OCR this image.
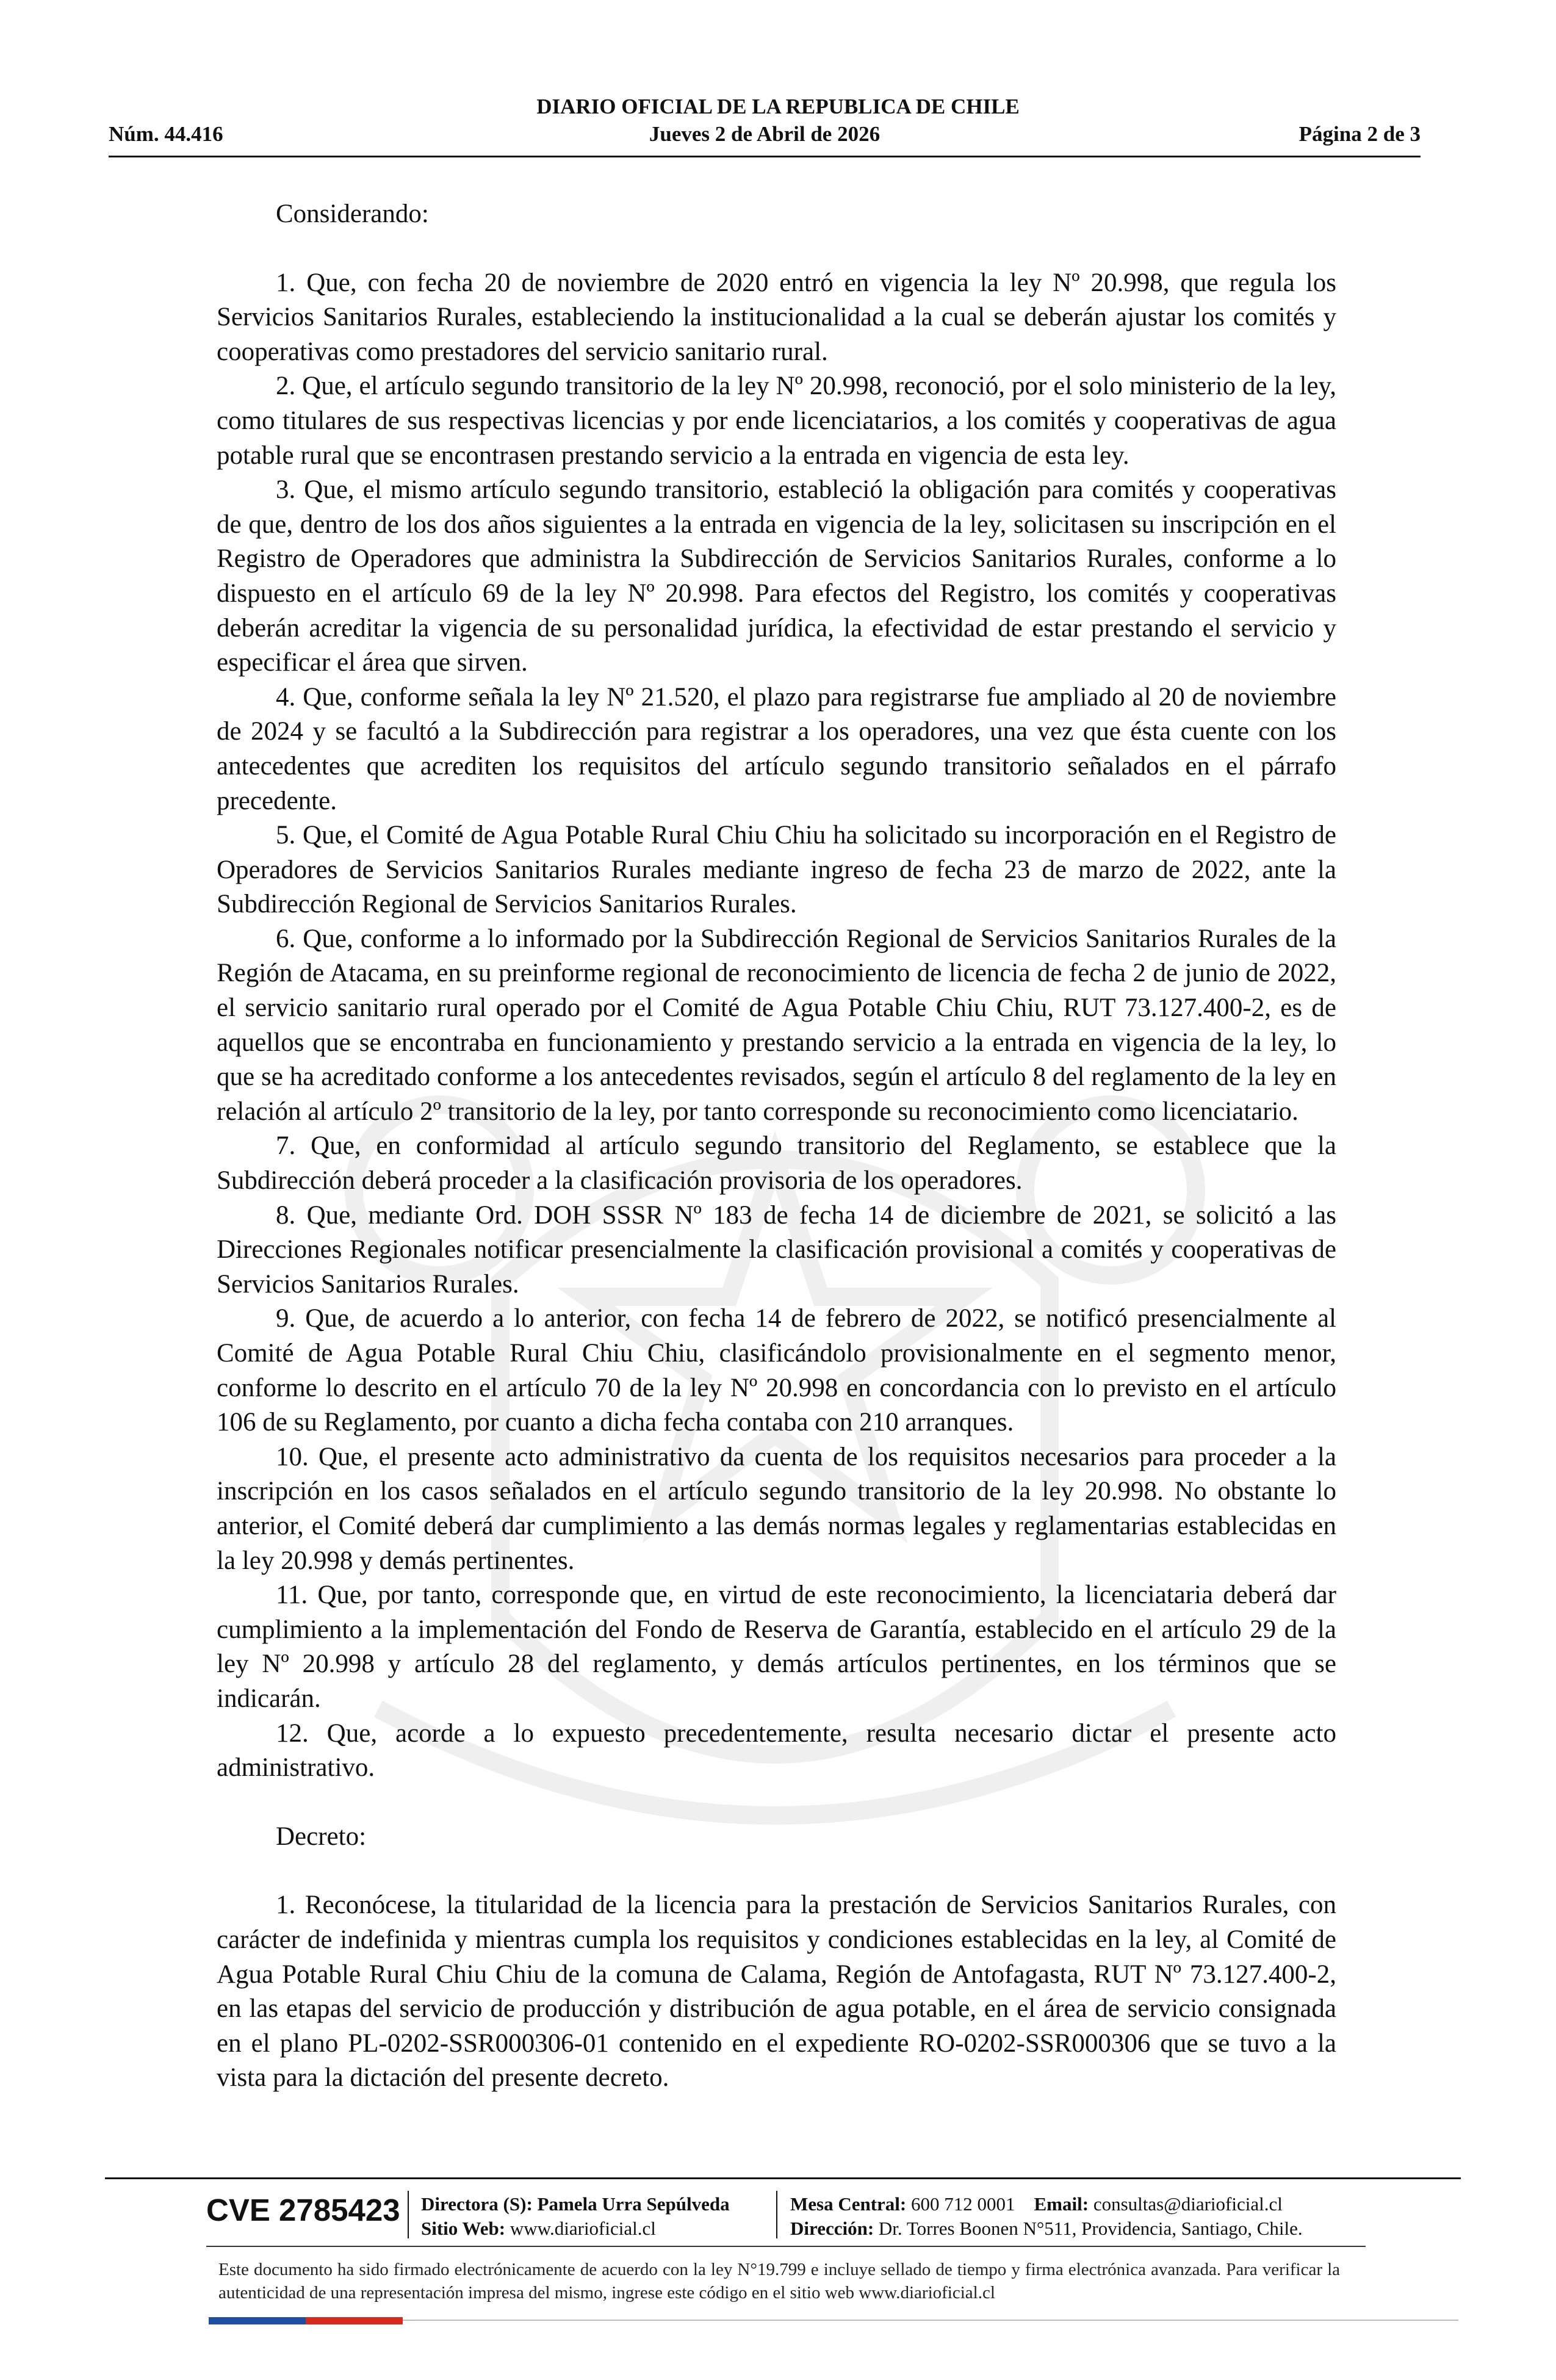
DIARIO OFICIAL DE LA REPUBLICA DE CHILE
Núm. 44.416	Jueves 2 de Abril de 2026	Página 2 de 3

Considerando:

1. Que, con fecha 20 de noviembre de 2020 entró en vigencia la ley Nº 20.998, que regula los Servicios Sanitarios Rurales, estableciendo la institucionalidad a la cual se deberán ajustar los comités y cooperativas como prestadores del servicio sanitario rural.

2. Que, el artículo segundo transitorio de la ley Nº 20.998, reconoció, por el solo ministerio de la ley, como titulares de sus respectivas licencias y por ende licenciatarios, a los comités y cooperativas de agua potable rural que se encontrasen prestando servicio a la entrada en vigencia de esta ley.

3. Que, el mismo artículo segundo transitorio, estableció la obligación para comités y cooperativas de que, dentro de los dos años siguientes a la entrada en vigencia de la ley, solicitasen su inscripción en el Registro de Operadores que administra la Subdirección de Servicios Sanitarios Rurales, conforme a lo dispuesto en el artículo 69 de la ley Nº 20.998. Para efectos del Registro, los comités y cooperativas deberán acreditar la vigencia de su personalidad jurídica, la efectividad de estar prestando el servicio y especificar el área que sirven.

4. Que, conforme señala la ley Nº 21.520, el plazo para registrarse fue ampliado al 20 de noviembre de 2024 y se facultó a la Subdirección para registrar a los operadores, una vez que ésta cuente con los antecedentes que acrediten los requisitos del artículo segundo transitorio señalados en el párrafo precedente.

5. Que, el Comité de Agua Potable Rural Chiu Chiu ha solicitado su incorporación en el Registro de Operadores de Servicios Sanitarios Rurales mediante ingreso de fecha 23 de marzo de 2022, ante la Subdirección Regional de Servicios Sanitarios Rurales.

6. Que, conforme a lo informado por la Subdirección Regional de Servicios Sanitarios Rurales de la Región de Atacama, en su preinforme regional de reconocimiento de licencia de fecha 2 de junio de 2022, el servicio sanitario rural operado por el Comité de Agua Potable Chiu Chiu, RUT 73.127.400-2, es de aquellos que se encontraba en funcionamiento y prestando servicio a la entrada en vigencia de la ley, lo que se ha acreditado conforme a los antecedentes revisados, según el artículo 8 del reglamento de la ley en relación al artículo 2º transitorio de la ley, por tanto corresponde su reconocimiento como licenciatario.

7. Que, en conformidad al artículo segundo transitorio del Reglamento, se establece que la Subdirección deberá proceder a la clasificación provisoria de los operadores.

8. Que, mediante Ord. DOH SSSR Nº 183 de fecha 14 de diciembre de 2021, se solicitó a las Direcciones Regionales notificar presencialmente la clasificación provisional a comités y cooperativas de Servicios Sanitarios Rurales.

9. Que, de acuerdo a lo anterior, con fecha 14 de febrero de 2022, se notificó presencialmente al Comité de Agua Potable Rural Chiu Chiu, clasificándolo provisionalmente en el segmento menor, conforme lo descrito en el artículo 70 de la ley Nº 20.998 en concordancia con lo previsto en el artículo 106 de su Reglamento, por cuanto a dicha fecha contaba con 210 arranques.

10. Que, el presente acto administrativo da cuenta de los requisitos necesarios para proceder a la inscripción en los casos señalados en el artículo segundo transitorio de la ley 20.998. No obstante lo anterior, el Comité deberá dar cumplimiento a las demás normas legales y reglamentarias establecidas en la ley 20.998 y demás pertinentes.

11. Que, por tanto, corresponde que, en virtud de este reconocimiento, la licenciataria deberá dar cumplimiento a la implementación del Fondo de Reserva de Garantía, establecido en el artículo 29 de la ley Nº 20.998 y artículo 28 del reglamento, y demás artículos pertinentes, en los términos que se indicarán.

12. Que, acorde a lo expuesto precedentemente, resulta necesario dictar el presente acto administrativo.

Decreto:

1. Reconócese, la titularidad de la licencia para la prestación de Servicios Sanitarios Rurales, con carácter de indefinida y mientras cumpla los requisitos y condiciones establecidas en la ley, al Comité de Agua Potable Rural Chiu Chiu de la comuna de Calama, Región de Antofagasta, RUT Nº 73.127.400-2, en las etapas del servicio de producción y distribución de agua potable, en el área de servicio consignada en el plano PL-0202-SSR000306-01 contenido en el expediente RO-0202-SSR000306 que se tuvo a la vista para la dictación del presente decreto.

CVE 2785423 Directora (S): Pamela Urra Sepúlveda
Sitio Web: www.diarioficial.cl
Mesa Central: 600 712 0001 Email: consultas@diarioficial.cl
Dirección: Dr. Torres Boonen N°511, Providencia, Santiago, Chile.
Este documento ha sido firmado electrónicamente de acuerdo con la ley N°19.799 e incluye sellado de tiempo y firma electrónica avanzada. Para verificar la autenticidad de una representación impresa del mismo, ingrese este código en el sitio web www.diarioficial.cl
